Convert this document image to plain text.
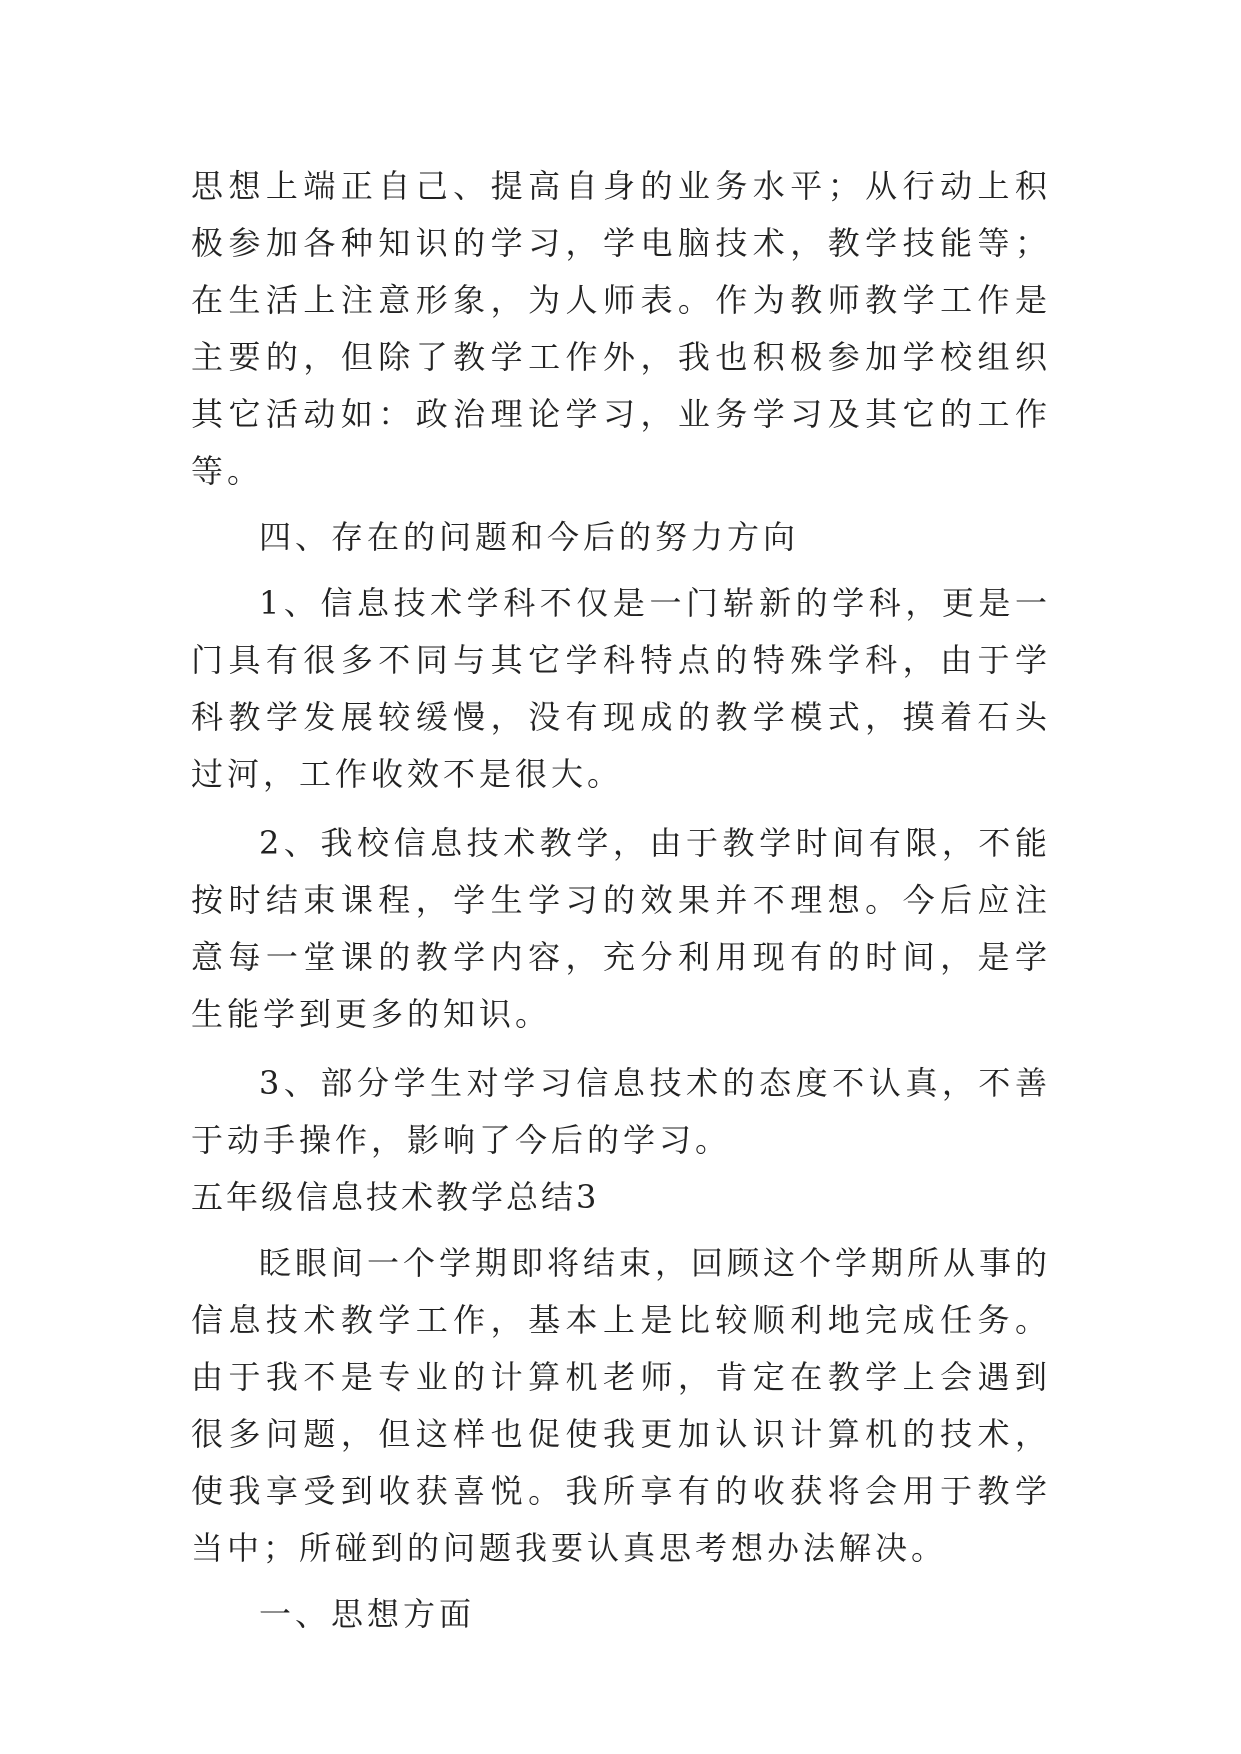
思想上端正自己、提高自身的业务水平；从行动上积极参加各种知识的学习，学电脑技术，教学技能等；在生活上注意形象，为人师表。作为教师教学工作是主要的，但除了教学工作外，我也积极参加学校组织其它活动如：政治理论学习，业务学习及其它的工作等。

四、存在的问题和今后的努力方向

1、信息技术学科不仅是一门崭新的学科，更是一门具有很多不同与其它学科特点的特殊学科，由于学科教学发展较缓慢，没有现成的教学模式，摸着石头过河，工作收效不是很大。

2、我校信息技术教学，由于教学时间有限，不能按时结束课程，学生学习的效果并不理想。今后应注意每一堂课的教学内容，充分利用现有的时间，是学生能学到更多的知识。

3、部分学生对学习信息技术的态度不认真，不善于动手操作，影响了今后的学习。

五年级信息技术教学总结3

眨眼间一个学期即将结束，回顾这个学期所从事的信息技术教学工作，基本上是比较顺利地完成任务。由于我不是专业的计算机老师，肯定在教学上会遇到很多问题，但这样也促使我更加认识计算机的技术，使我享受到收获喜悦。我所享有的收获将会用于教学当中；所碰到的问题我要认真思考想办法解决。

一、思想方面
